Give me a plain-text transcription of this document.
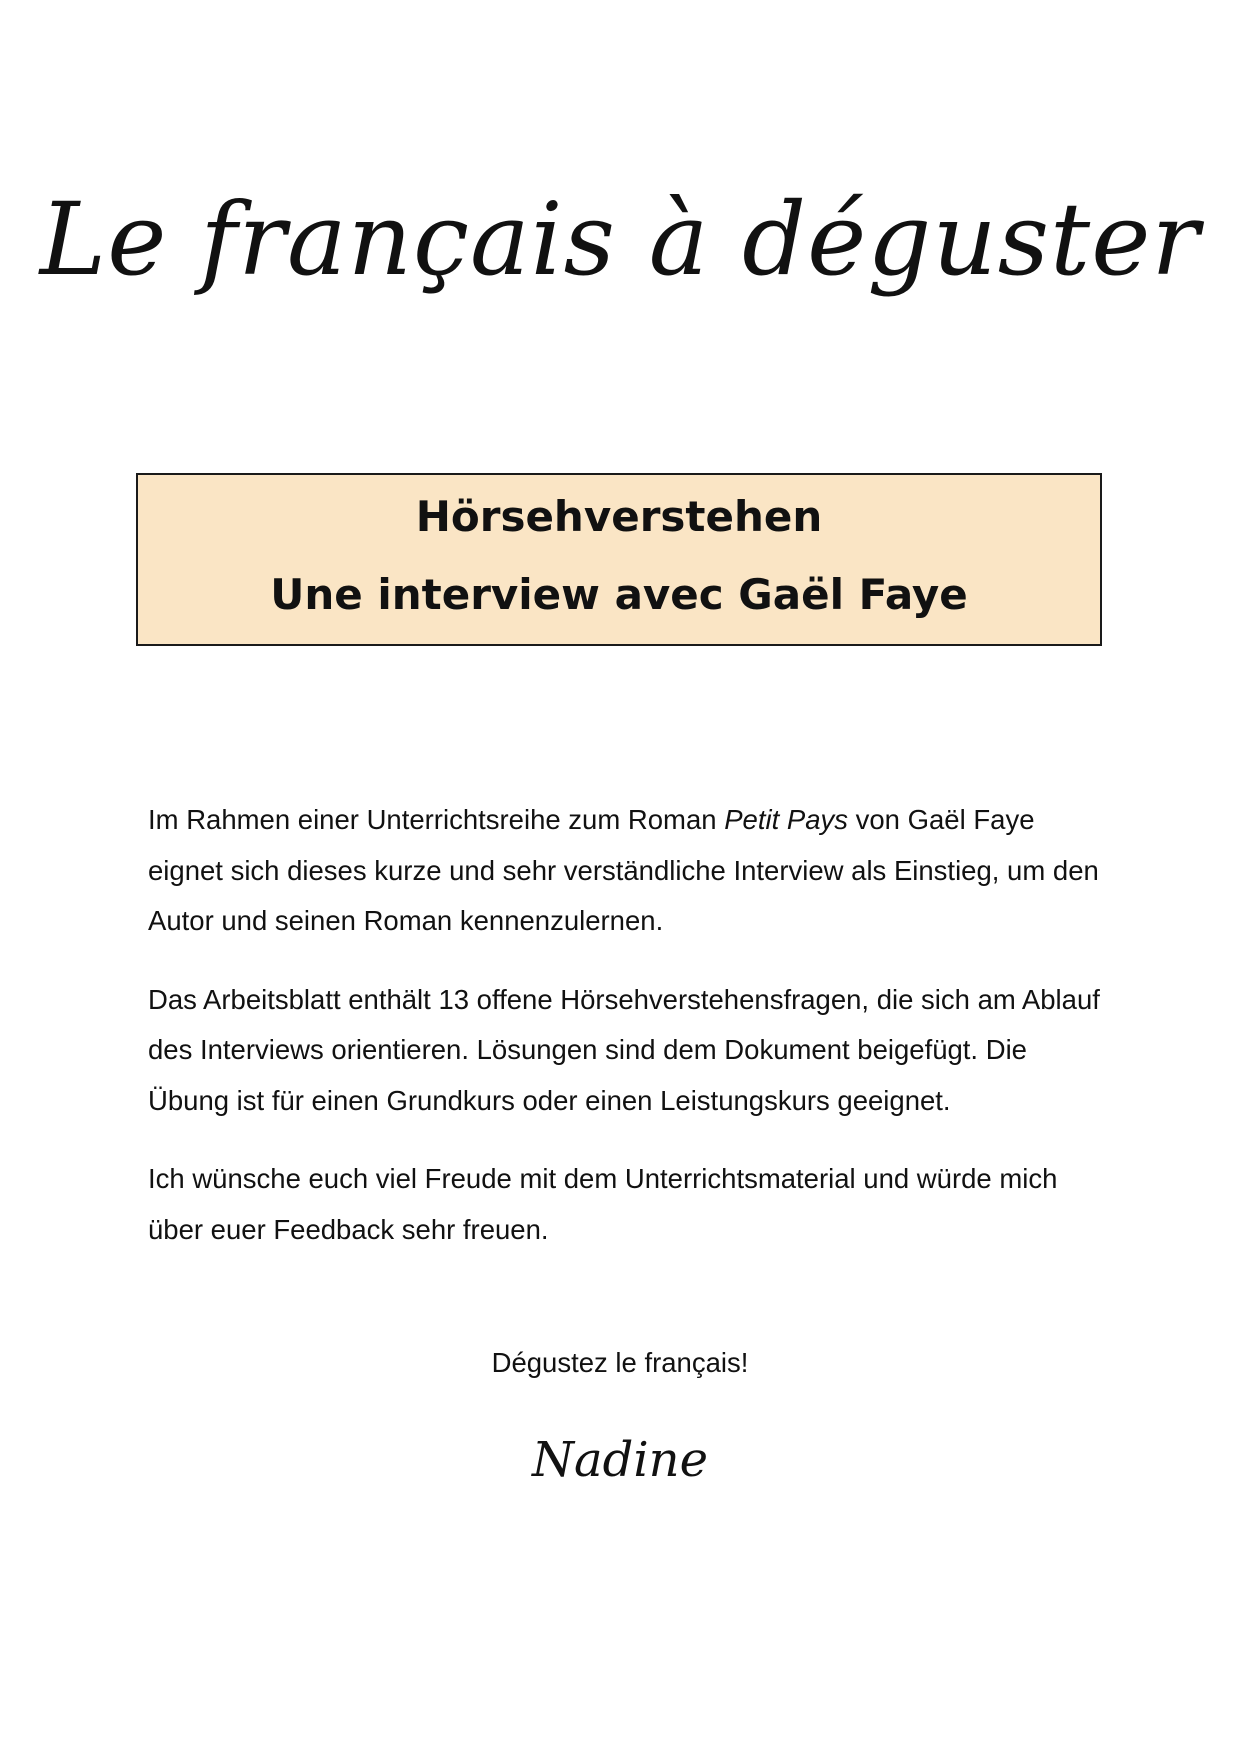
Le français à déguster
Hörsehverstehen
Une interview avec Gaël Faye

Im Rahmen einer Unterrichtsreihe zum Roman Petit Pays von Gaël Faye eignet sich dieses kurze und sehr verständliche Interview als Einstieg, um den Autor und seinen Roman kennenzulernen.

Das Arbeitsblatt enthält 13 offene Hörsehverstehensfragen, die sich am Ablauf des Interviews orientieren. Lösungen sind dem Dokument beigefügt. Die Übung ist für einen Grundkurs oder einen Leistungskurs geeignet.

Ich wünsche euch viel Freude mit dem Unterrichtsmaterial und würde mich über euer Feedback sehr freuen.

Dégustez le français!
Nadine
